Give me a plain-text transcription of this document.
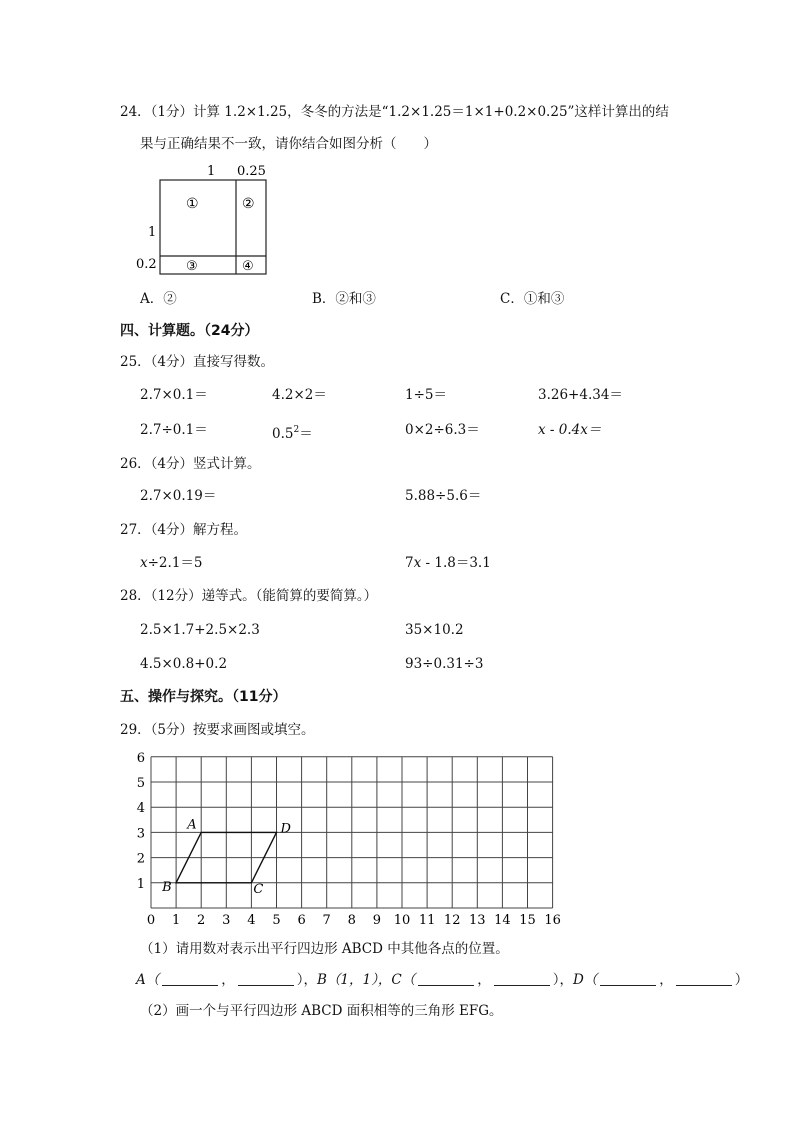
24．（1分）计算 1.2×1.25，冬冬的方法是“1.2×1.25＝1×1+0.2×0.25”这样计算出的结
果与正确结果不一致，请你结合如图分析（　　）
1 0.25
1
0.2
①	②
③	④
A．②	B．②和③	C．①和③
四、计算题。（24分）
25．（4分）直接写得数。
2.7×0.1＝	4.2×2＝	1÷5＝	3.26+4.34＝
2.7÷0.1＝	$0.5^2=$	0×2÷6.3＝	x - 0.4x＝
26．（4分）竖式计算。
2.7×0.19＝	5.88÷5.6＝
27．（4分）解方程。
x÷2.1＝5	7x - 1.8＝3.1
28．（12分）递等式。（能简算的要简算。）
2.5×1.7+2.5×2.3	35×10.2
4.5×0.8+0.2	93÷0.31÷3
五、操作与探究。（11分）
29．（5分）按要求画图或填空。
0 1 2 3 4 5 6 7 8 9 10 11 12 13 14 15 16
1
2
3
4
5
6
A
B	C
D
（1）请用数对表示出平行四边形 ABCD 中其他各点的位置。
A（	，	），B（1，1），C（	，	），D（	，	）
（2）画一个与平行四边形 ABCD 面积相等的三角形 EFG。
